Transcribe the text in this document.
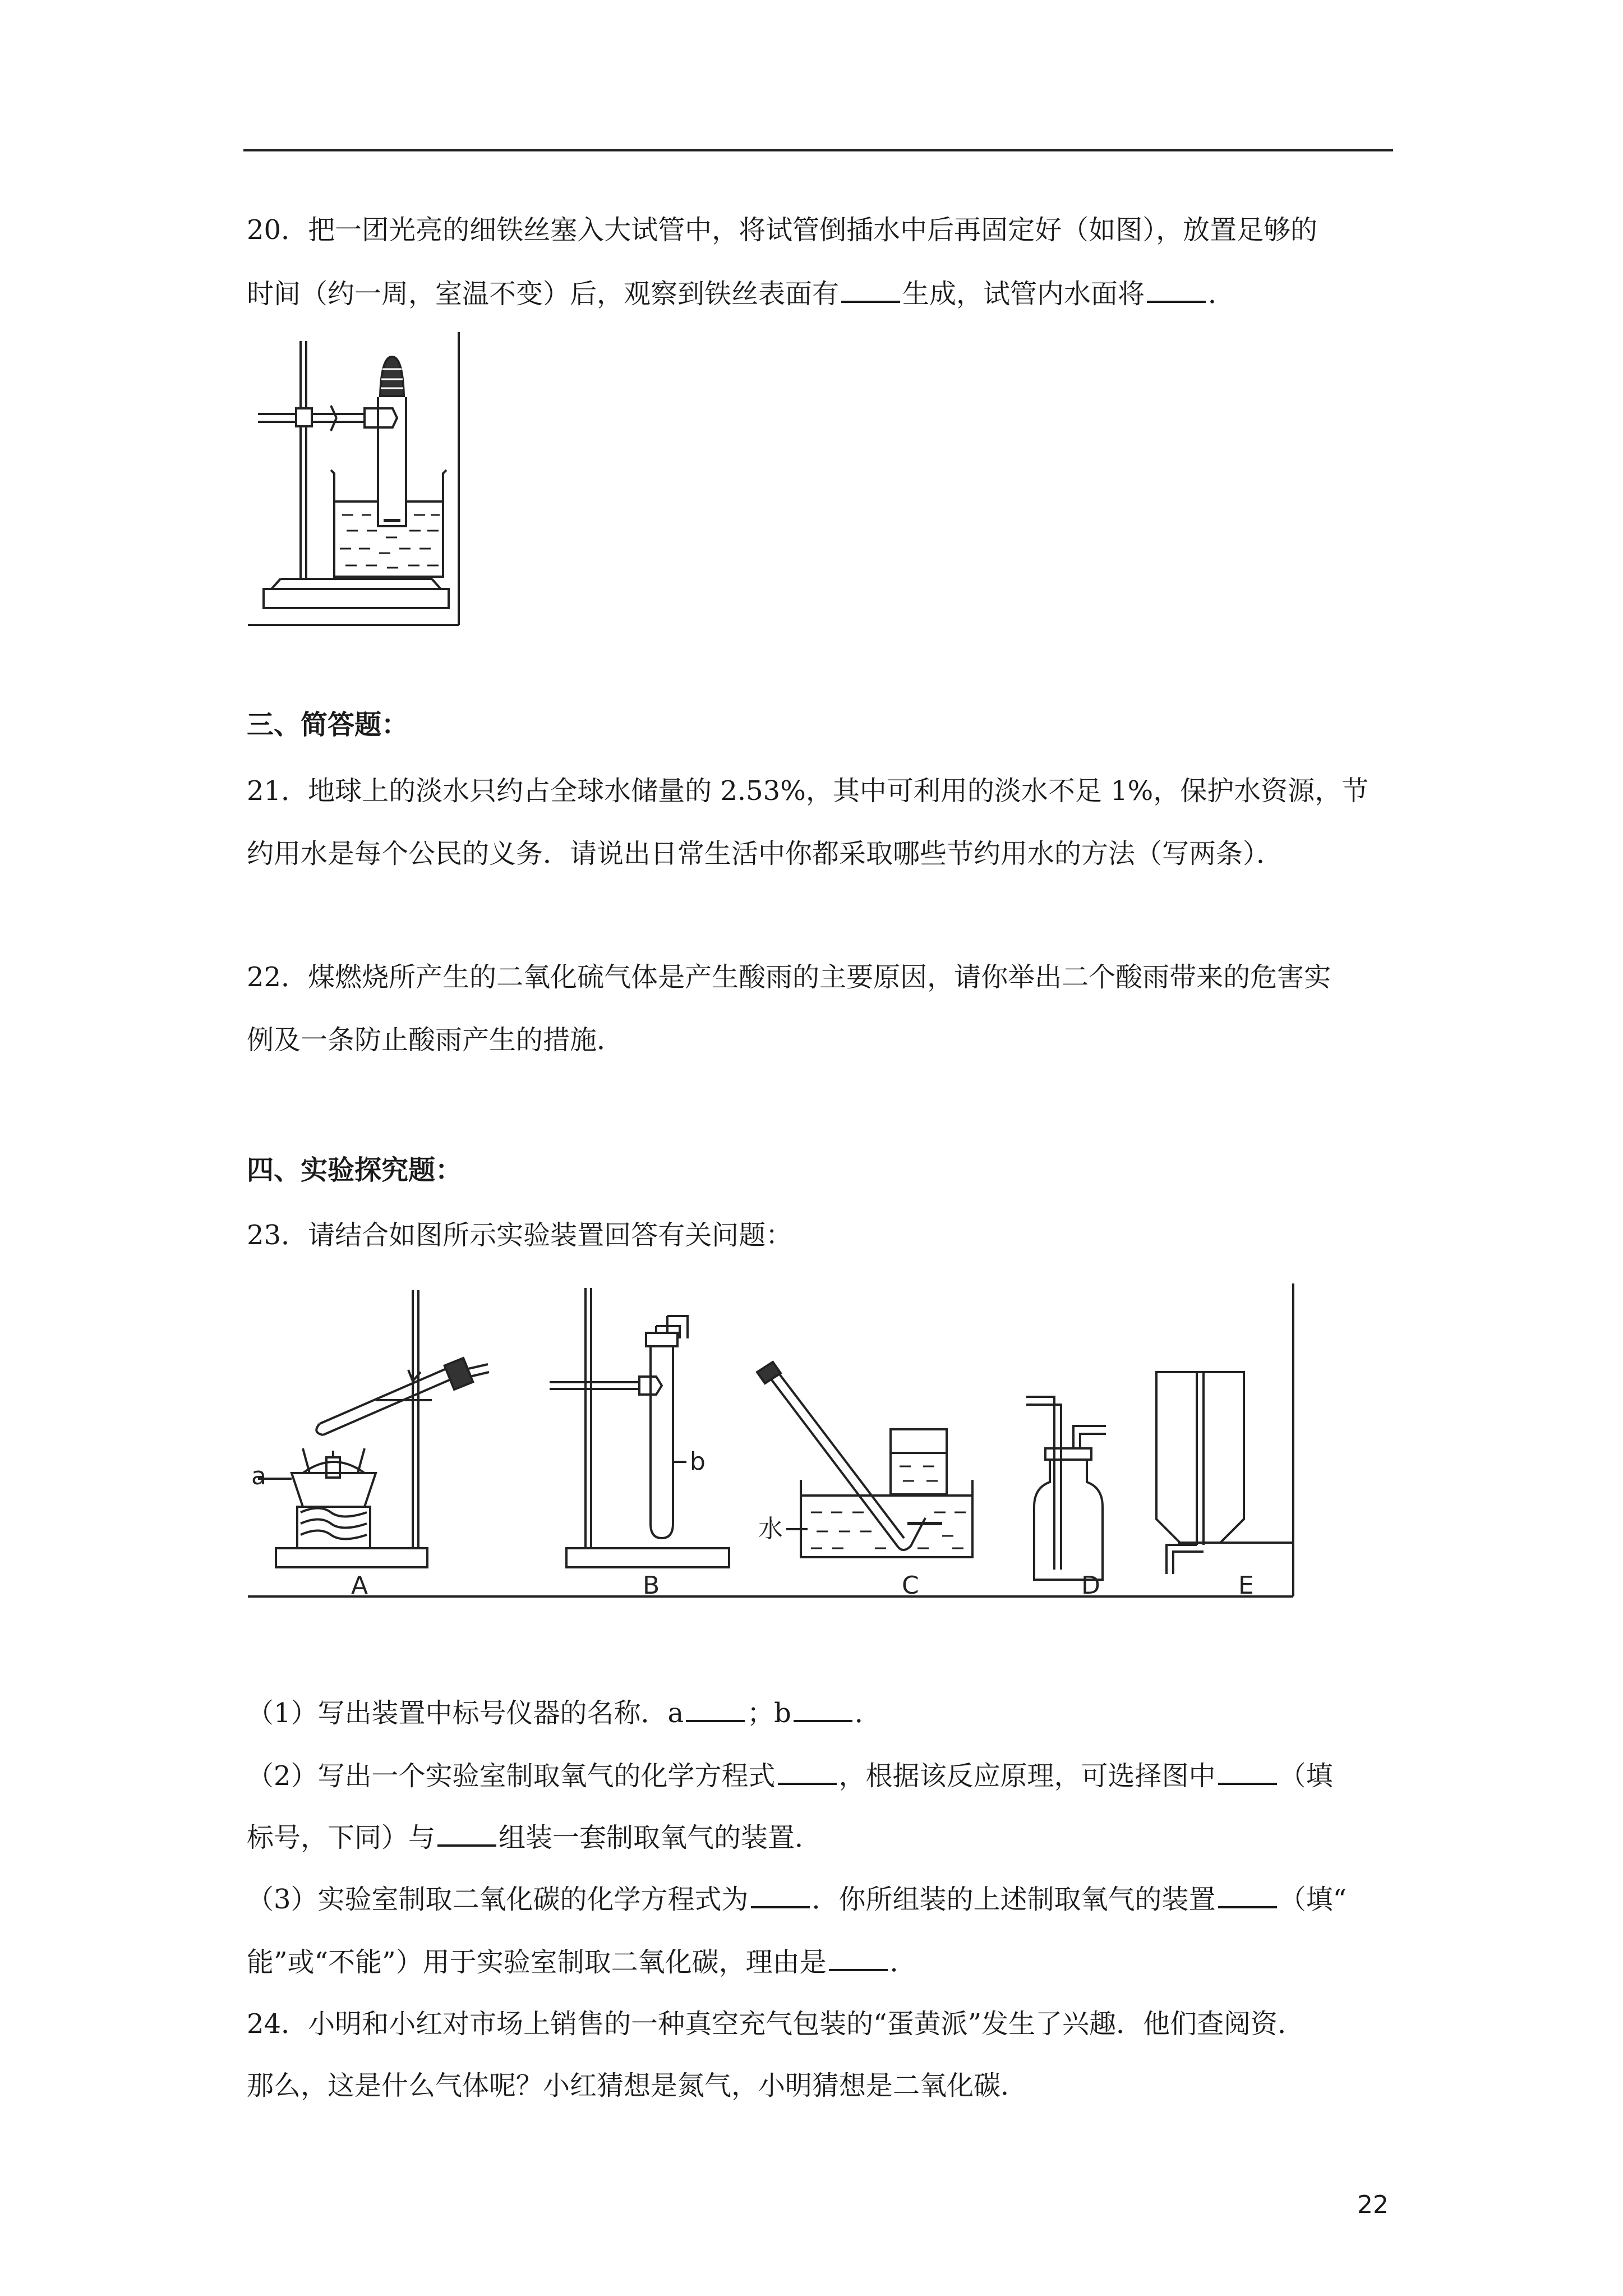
20．把一团光亮的细铁丝塞入大试管中，将试管倒插水中后再固定好（如图），放置足够的
时间（约一周，室温不变）后，观察到铁丝表面有 生成，试管内水面将 ．
三、简答题：
21．地球上的淡水只约占全球水储量的 2.53%，其中可利用的淡水不足 1%，保护水资源，节
约用水是每个公民的义务．请说出日常生活中你都采取哪些节约用水的方法（写两条）．
22．煤燃烧所产生的二氧化硫气体是产生酸雨的主要原因，请你举出二个酸雨带来的危害实
例及一条防止酸雨产生的措施．
四、实验探究题：
23．请结合如图所示实验装置回答有关问题：
a
b
水
A	B	C	D	E
（1）写出装置中标号仪器的名称．a ；b ．
（2）写出一个实验室制取氧气的化学方程式 ，根据该反应原理，可选择图中 （填
标号，下同）与 组装一套制取氧气的装置．
（3）实验室制取二氧化碳的化学方程式为 ．你所组装的上述制取氧气的装置 （填“
能”或“不能”）用于实验室制取二氧化碳，理由是 ．
24．小明和小红对市场上销售的一种真空充气包装的“蛋黄派”发生了兴趣．他们查阅资．
那么，这是什么气体呢？小红猜想是氮气，小明猜想是二氧化碳．
22
